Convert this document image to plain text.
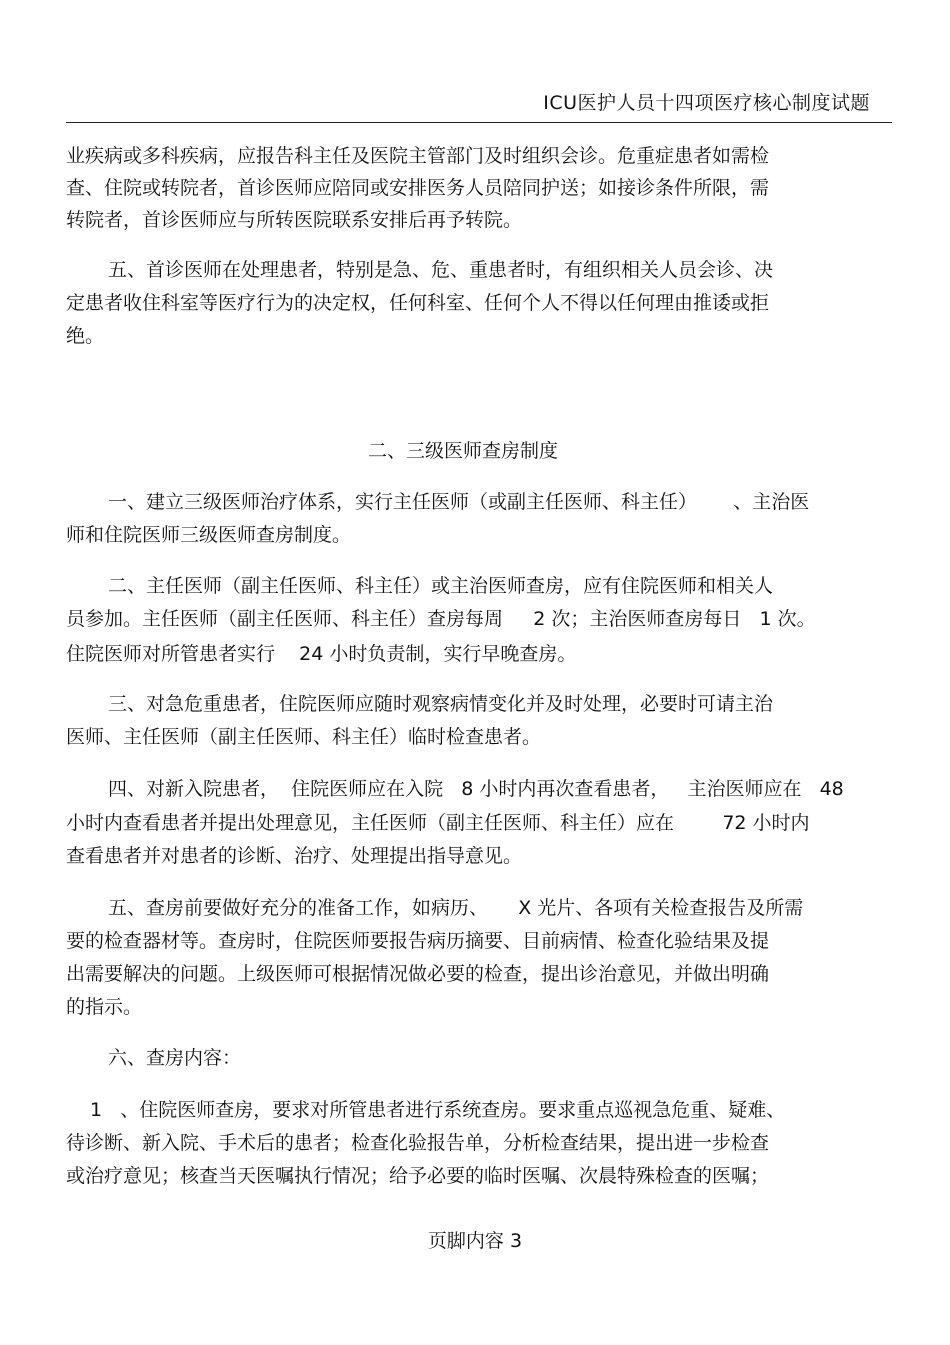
ICU医护人员十四项医疗核心制度试题
业疾病或多科疾病，应报告科主任及医院主管部门及时组织会诊。危重症患者如需检
查、住院或转院者，首诊医师应陪同或安排医务人员陪同护送；如接诊条件所限，需
转院者，首诊医师应与所转医院联系安排后再予转院。
五、首诊医师在处理患者，特别是急、危、重患者时，有组织相关人员会诊、决
定患者收住科室等医疗行为的决定权，任何科室、任何个人不得以任何理由推诿或拒
绝。
二、三级医师查房制度
一、建立三级医师治疗体系，实行主任医师（或副主任医师、科主任）      、主治医
师和住院医师三级医师查房制度。
二、主任医师（副主任医师、科主任）或主治医师查房，应有住院医师和相关人
员参加。主任医师（副主任医师、科主任）查房每周     2 次；主治医师查房每日   1 次。
住院医师对所管患者实行    24 小时负责制，实行早晚查房。
三、对急危重患者，住院医师应随时观察病情变化并及时处理，必要时可请主治
医师、主任医师（副主任医师、科主任）临时检查患者。
四、对新入院患者，  住院医师应在入院   8 小时内再次查看患者，   主治医师应在   48
小时内查看患者并提出处理意见，主任医师（副主任医师、科主任）应在        72 小时内
查看患者并对患者的诊断、治疗、处理提出指导意见。
五、查房前要做好充分的准备工作，如病历、     X 光片、各项有关检查报告及所需
要的检查器材等。查房时，住院医师要报告病历摘要、目前病情、检查化验结果及提
出需要解决的问题。上级医师可根据情况做必要的检查，提出诊治意见，并做出明确
的指示。
六、查房内容：
1   、住院医师查房，要求对所管患者进行系统查房。要求重点巡视急危重、疑难、
待诊断、新入院、手术后的患者；检查化验报告单，分析检查结果，提出进一步检查
或治疗意见；核查当天医嘱执行情况；给予必要的临时医嘱、次晨特殊检查的医嘱；
页脚内容 3
